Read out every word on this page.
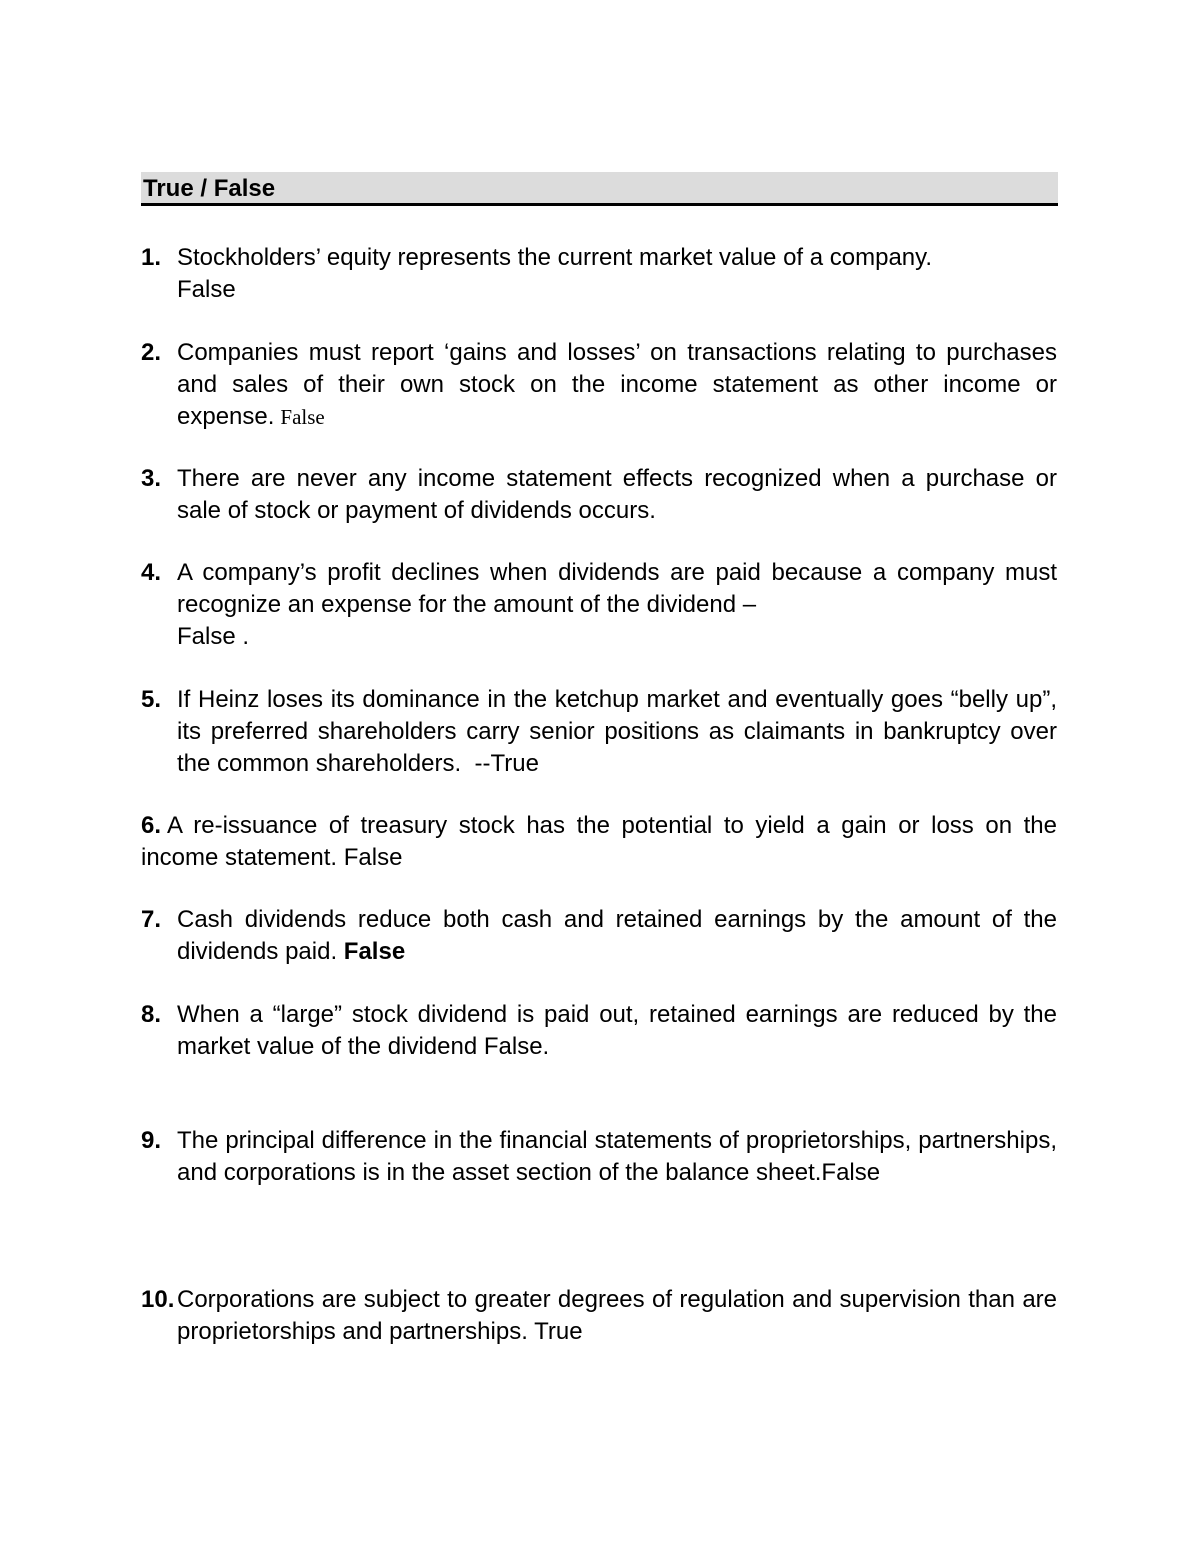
True / False
1. Stockholders’ equity represents the current market value of a company.
False
2. Companies must report ‘gains and losses’ on transactions relating to purchases and sales of their own stock on the income statement as other income or expense. False
3. There are never any income statement effects recognized when a purchase or sale of stock or payment of dividends occurs.
4. A company’s profit declines when dividends are paid because a company must recognize an expense for the amount of the dividend –
False .
5. If Heinz loses its dominance in the ketchup market and eventually goes “belly up”, its preferred shareholders carry senior positions as claimants in bankruptcy over the common shareholders. --True
6. A re-issuance of treasury stock has the potential to yield a gain or loss on the income statement. False
7. Cash dividends reduce both cash and retained earnings by the amount of the dividends paid. False
8. When a “large” stock dividend is paid out, retained earnings are reduced by the market value of the dividend False.
9. The principal difference in the financial statements of proprietorships, partnerships, and corporations is in the asset section of the balance sheet.False
10. Corporations are subject to greater degrees of regulation and supervision than are proprietorships and partnerships. True
